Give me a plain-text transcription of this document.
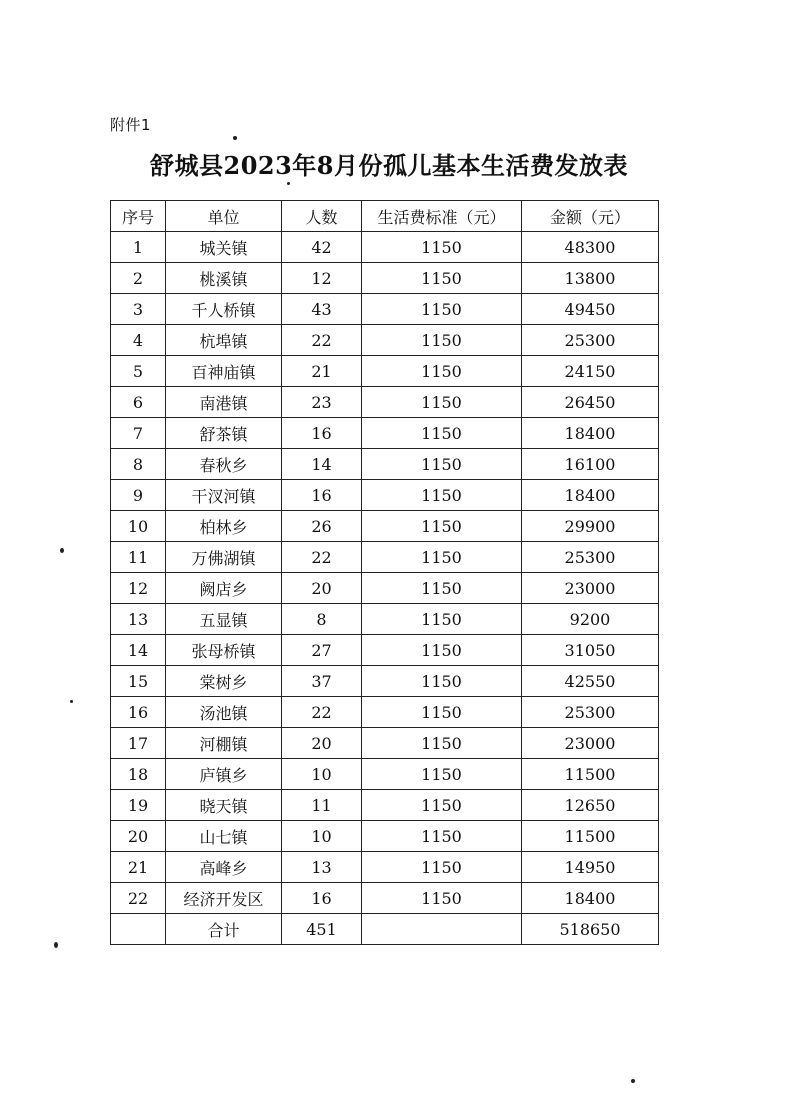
附件1
舒城县2023年8月份孤儿基本生活费发放表
序号	单位	人数	生活费标准（元）	金额（元）
1	城关镇	42	1150	48300
2	桃溪镇	12	1150	13800
3	千人桥镇	43	1150	49450
4	杭埠镇	22	1150	25300
5	百神庙镇	21	1150	24150
6	南港镇	23	1150	26450
7	舒茶镇	16	1150	18400
8	春秋乡	14	1150	16100
9	干汊河镇	16	1150	18400
10	柏林乡	26	1150	29900
11	万佛湖镇	22	1150	25300
12	阙店乡	20	1150	23000
13	五显镇	8	1150	9200
14	张母桥镇	27	1150	31050
15	棠树乡	37	1150	42550
16	汤池镇	22	1150	25300
17	河棚镇	20	1150	23000
18	庐镇乡	10	1150	11500
19	晓天镇	11	1150	12650
20	山七镇	10	1150	11500
21	高峰乡	13	1150	14950
22	经济开发区	16	1150	18400
	合计	451		518650
